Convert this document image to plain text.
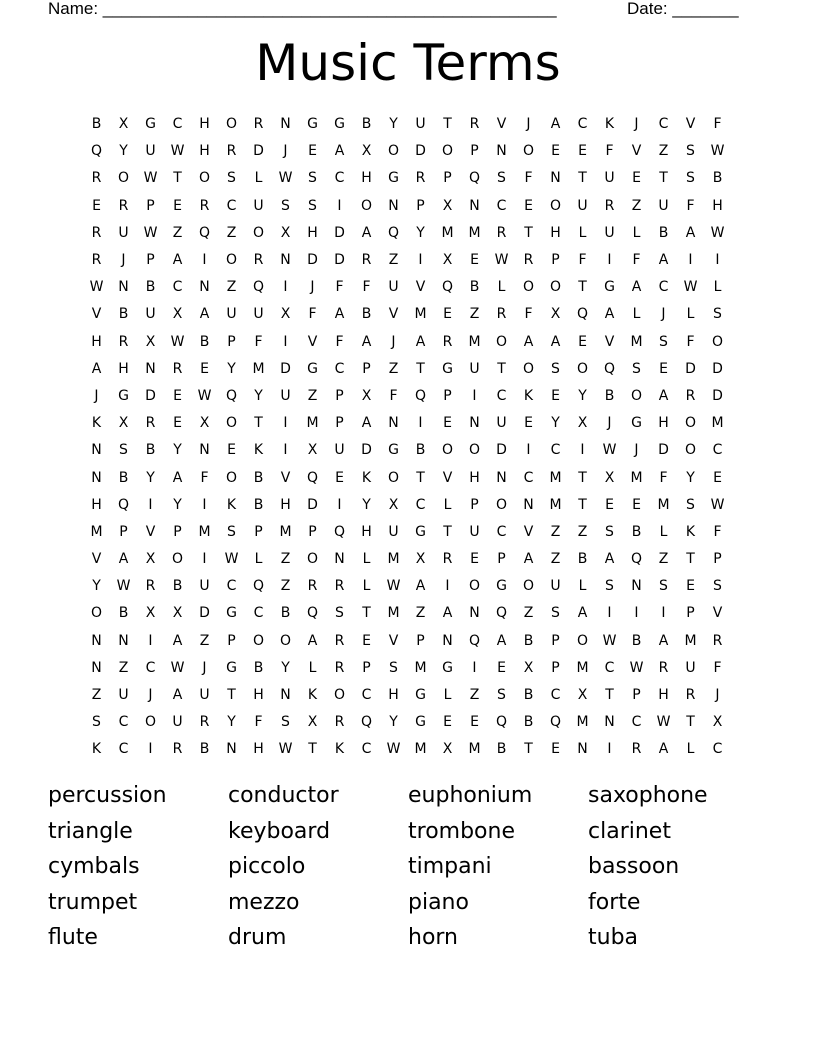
Name: ________________________________________________	Date: _______
Music Terms
B	X	G	C	H	O	R	N	G	G	B	Y	U	T	R	V	J	A	C	K	J	C	V	F
Q	Y	U	W	H	R	D	J	E	A	X	O	D	O	P	N	O	E	E	F	V	Z	S	W
R	O	W	T	O	S	L	W	S	C	H	G	R	P	Q	S	F	N	T	U	E	T	S	B
E	R	P	E	R	C	U	S	S	I	O	N	P	X	N	C	E	O	U	R	Z	U	F	H
R	U	W	Z	Q	Z	O	X	H	D	A	Q	Y	M	M	R	T	H	L	U	L	B	A	W
R	J	P	A	I	O	R	N	D	D	R	Z	I	X	E	W	R	P	F	I	F	A	I	I
W	N	B	C	N	Z	Q	I	J	F	F	U	V	Q	B	L	O	O	T	G	A	C	W	L
V	B	U	X	A	U	U	X	F	A	B	V	M	E	Z	R	F	X	Q	A	L	J	L	S
H	R	X	W	B	P	F	I	V	F	A	J	A	R	M	O	A	A	E	V	M	S	F	O
A	H	N	R	E	Y	M	D	G	C	P	Z	T	G	U	T	O	S	O	Q	S	E	D	D
J	G	D	E	W	Q	Y	U	Z	P	X	F	Q	P	I	C	K	E	Y	B	O	A	R	D
K	X	R	E	X	O	T	I	M	P	A	N	I	E	N	U	E	Y	X	J	G	H	O	M
N	S	B	Y	N	E	K	I	X	U	D	G	B	O	O	D	I	C	I	W	J	D	O	C
N	B	Y	A	F	O	B	V	Q	E	K	O	T	V	H	N	C	M	T	X	M	F	Y	E
H	Q	I	Y	I	K	B	H	D	I	Y	X	C	L	P	O	N	M	T	E	E	M	S	W
M	P	V	P	M	S	P	M	P	Q	H	U	G	T	U	C	V	Z	Z	S	B	L	K	F
V	A	X	O	I	W	L	Z	O	N	L	M	X	R	E	P	A	Z	B	A	Q	Z	T	P
Y	W	R	B	U	C	Q	Z	R	R	L	W	A	I	O	G	O	U	L	S	N	S	E	S
O	B	X	X	D	G	C	B	Q	S	T	M	Z	A	N	Q	Z	S	A	I	I	I	P	V
N	N	I	A	Z	P	O	O	A	R	E	V	P	N	Q	A	B	P	O	W	B	A	M	R
N	Z	C	W	J	G	B	Y	L	R	P	S	M	G	I	E	X	P	M	C	W	R	U	F
Z	U	J	A	U	T	H	N	K	O	C	H	G	L	Z	S	B	C	X	T	P	H	R	J
S	C	O	U	R	Y	F	S	X	R	Q	Y	G	E	E	Q	B	Q	M	N	C	W	T	X
K	C	I	R	B	N	H	W	T	K	C	W	M	X	M	B	T	E	N	I	R	A	L	C
percussion	conductor	euphonium	saxophone
triangle	keyboard	trombone	clarinet
cymbals	piccolo	timpani	bassoon
trumpet	mezzo	piano	forte
flute	drum	horn	tuba
